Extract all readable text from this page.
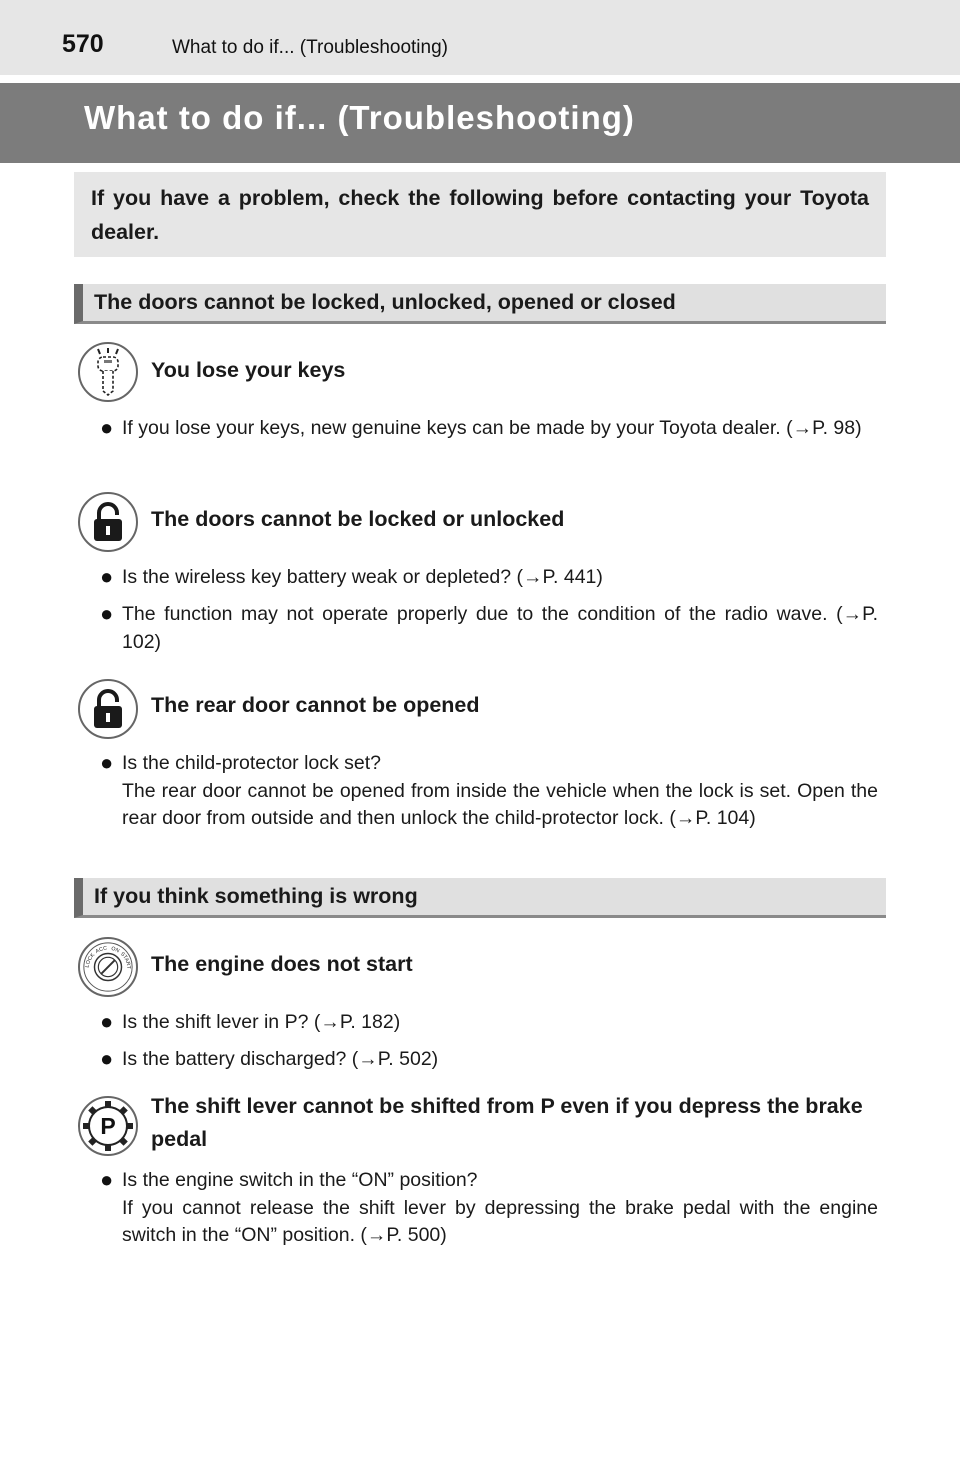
570	What to do if... (Troubleshooting)
What to do if... (Troubleshooting)
If you have a problem, check the following before contacting your Toyota dealer.
The doors cannot be locked, unlocked, opened or closed
You lose your keys
● If you lose your keys, new genuine keys can be made by your Toyota dealer. (→P. 98)
The doors cannot be locked or unlocked
● Is the wireless key battery weak or depleted? (→P. 441)
● The function may not operate properly due to the condition of the radio wave. (→P. 102)
The rear door cannot be opened
● Is the child-protector lock set?
The rear door cannot be opened from inside the vehicle when the lock is set. Open the rear door from outside and then unlock the child-protector lock. (→P. 104)
If you think something is wrong
LOCK
ACC ON
START The engine does not start
● Is the shift lever in P? (→P. 182)
● Is the battery discharged? (→P. 502)
P
The shift lever cannot be shifted from P even if you depress the brake pedal
● Is the engine switch in the “ON” position?
If you cannot release the shift lever by depressing the brake pedal with the engine switch in the “ON” position. (→P. 500)
